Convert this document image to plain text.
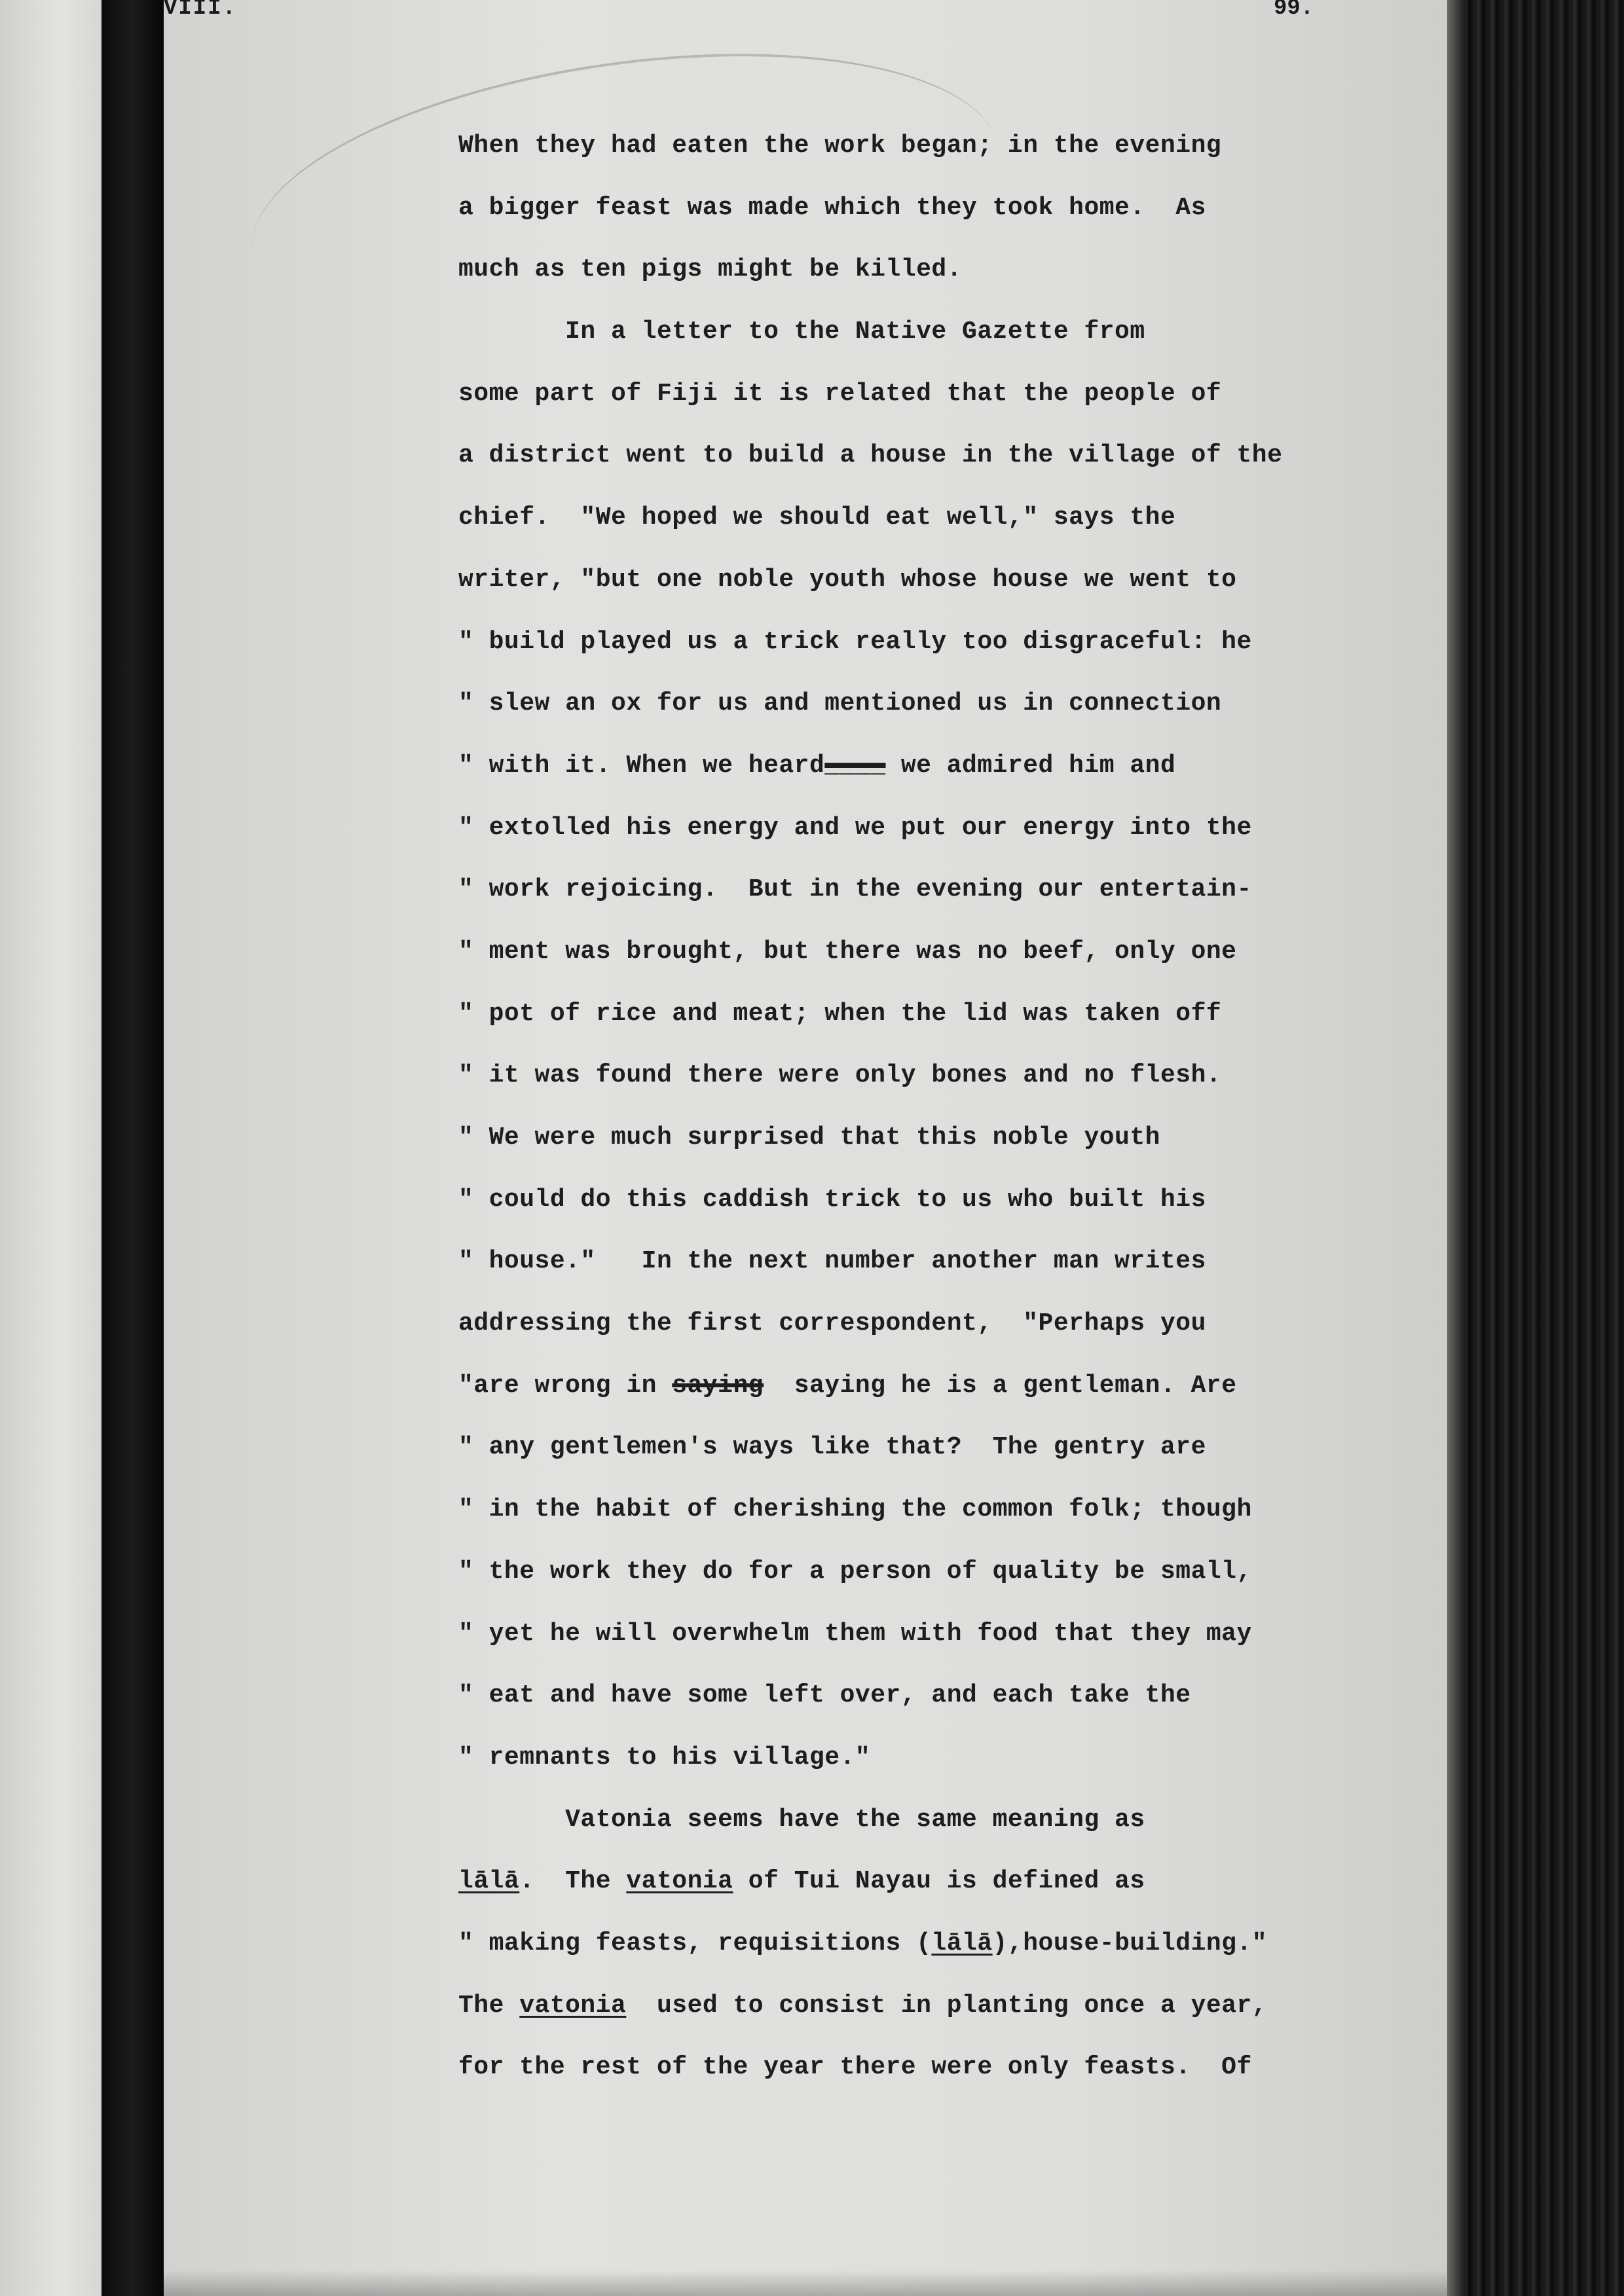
VIII.	99.
When they had eaten the work began; in the evening
a bigger feast was made which they took home.  As
much as ten pigs might be killed.
In a letter to the Native Gazette from
some part of Fiji it is related that the people of
a district went to build a house in the village of the
chief.  "We hoped we should eat well," says the
writer, "but one noble youth whose house we went to
" build played us a trick really too disgraceful: he
" slew an ox for us and mentioned us in connection
" with it. When we heard____ we admired him and
" extolled his energy and we put our energy into the
" work rejoicing.  But in the evening our entertain-
" ment was brought, but there was no beef, only one
" pot of rice and meat; when the lid was taken off
" it was found there were only bones and no flesh.
" We were much surprised that this noble youth
" could do this caddish trick to us who built his
" house."   In the next number another man writes
addressing the first correspondent,  "Perhaps you
"are wrong in saying  saying he is a gentleman. Are
" any gentlemen's ways like that?  The gentry are
" in the habit of cherishing the common folk; though
" the work they do for a person of quality be small,
" yet he will overwhelm them with food that they may
" eat and have some left over, and each take the
" remnants to his village."
Vatonia seems have the same meaning as
lālā.  The vatonia of Tui Nayau is defined as
" making feasts, requisitions (lālā),house-building."
The vatonia  used to consist in planting once a year,
for the rest of the year there were only feasts.  Of
